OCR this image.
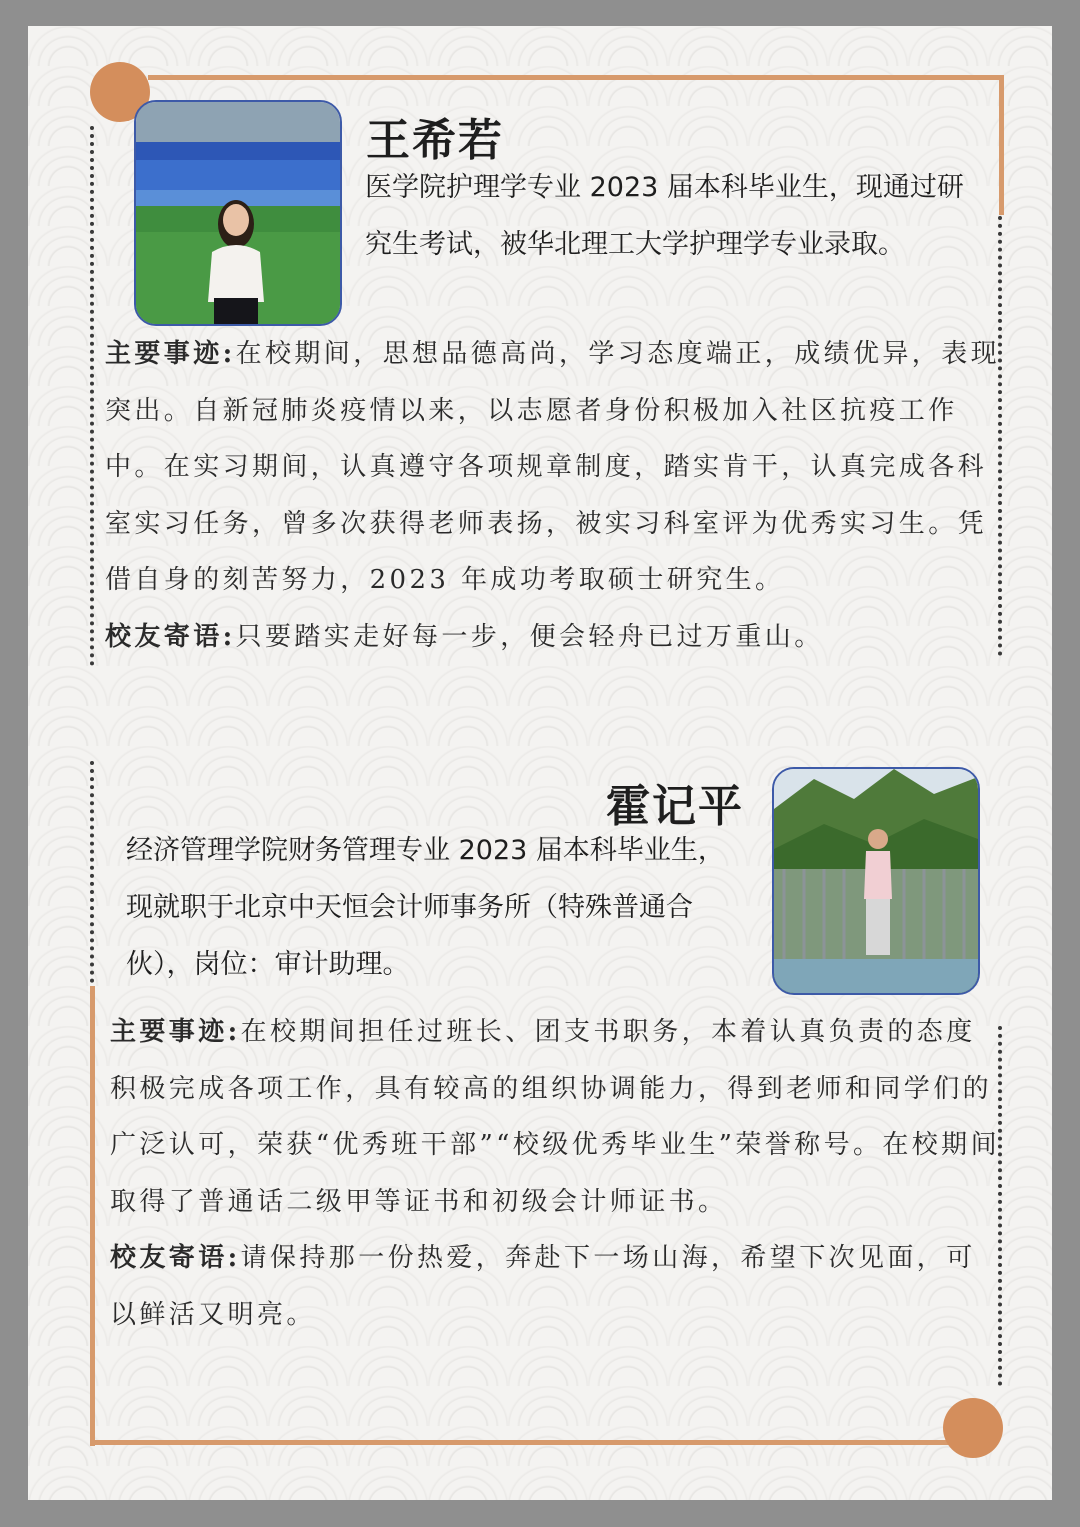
王希若

医学院护理学专业 2023 届本科毕业生，现通过研究生考试，被华北理工大学护理学专业录取。

主要事迹:在校期间，思想品德高尚，学习态度端正，成绩优异，表现突出。自新冠肺炎疫情以来，以志愿者身份积极加入社区抗疫工作中。在实习期间，认真遵守各项规章制度，踏实肯干，认真完成各科室实习任务，曾多次获得老师表扬，被实习科室评为优秀实习生。凭借自身的刻苦努力，2023 年成功考取硕士研究生。
校友寄语:只要踏实走好每一步，便会轻舟已过万重山。

霍记平

经济管理学院财务管理专业 2023 届本科毕业生，现就职于北京中天恒会计师事务所（特殊普通合伙），岗位：审计助理。

主要事迹:在校期间担任过班长、团支书职务，本着认真负责的态度积极完成各项工作，具有较高的组织协调能力，得到老师和同学们的广泛认可，荣获“优秀班干部”“校级优秀毕业生”荣誉称号。在校期间取得了普通话二级甲等证书和初级会计师证书。
校友寄语:请保持那一份热爱，奔赴下一场山海，希望下次见面，可以鲜活又明亮。
